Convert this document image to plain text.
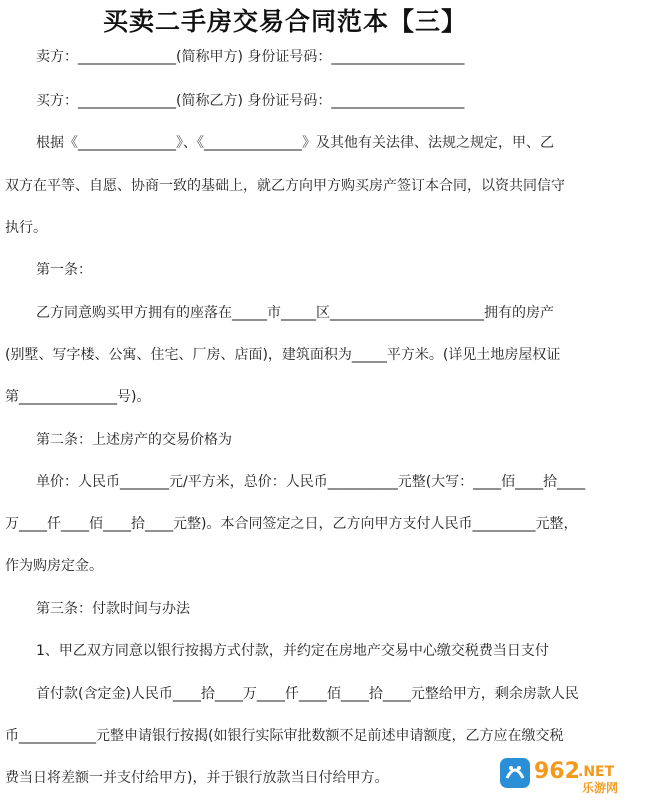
买卖二手房交易合同范本【三】
卖方：______________(简称甲方) 身份证号码：___________________
买方：______________(简称乙方) 身份证号码：___________________
根据《______________》、《______________》及其他有关法律、法规之规定，甲、乙
双方在平等、自愿、协商一致的基础上，就乙方向甲方购买房产签订本合同，以资共同信守
执行。
第一条：
乙方同意购买甲方拥有的座落在_____市_____区______________________拥有的房产
(别墅、写字楼、公寓、住宅、厂房、店面)，建筑面积为_____平方米。(详见土地房屋权证
第______________号)。
第二条：上述房产的交易价格为
单价：人民币_______元/平方米，总价：人民币__________元整(大写：____佰____拾____
万____仟____佰____拾____元整)。本合同签定之日，乙方向甲方支付人民币_________元整，
作为购房定金。
第三条：付款时间与办法
1、甲乙双方同意以银行按揭方式付款，并约定在房地产交易中心缴交税费当日支付
首付款(含定金)人民币____拾____万____仟____佰____拾____元整给甲方，剩余房款人民
币___________元整申请银行按揭(如银行实际审批数额不足前述申请额度，乙方应在缴交税
费当日将差额一并支付给甲方)，并于银行放款当日付给甲方。	962
.NET
乐游网
